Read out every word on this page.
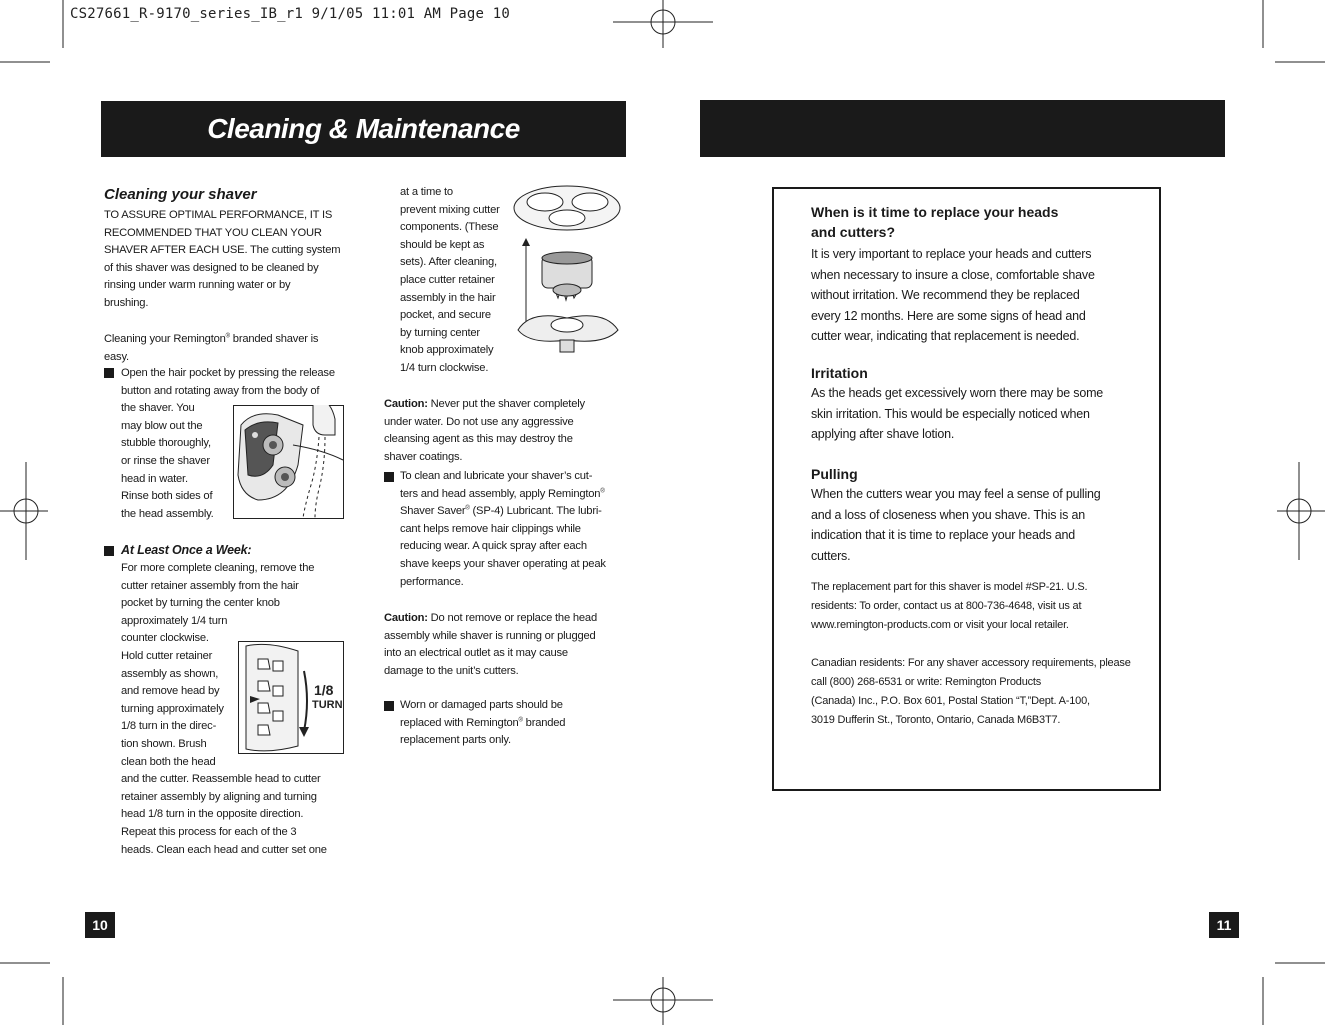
CS27661_R-9170_series_IB_r1 9/1/05 11:01 AM Page 10
Cleaning & Maintenance
Cleaning your shaver
TO ASSURE OPTIMAL PERFORMANCE, IT IS
RECOMMENDED THAT YOU CLEAN YOUR
SHAVER AFTER EACH USE. The cutting system
of this shaver was designed to be cleaned by
rinsing under warm running water or by
brushing.
Cleaning your Remington® branded shaver is
easy.
Open the hair pocket by pressing the release
button and rotating away from the body of
the shaver. You
may blow out the
stubble thoroughly,
or rinse the shaver
head in water.
Rinse both sides of
the head assembly.
At Least Once a Week:
For more complete cleaning, remove the
cutter retainer assembly from the hair
pocket by turning the center knob
approximately 1/4 turn
counter clockwise.
Hold cutter retainer
assembly as shown,
and remove head by
turning approximately
1/8 turn in the direc-
tion shown. Brush
clean both the head
and the cutter. Reassemble head to cutter
retainer assembly by aligning and turning
head 1/8 turn in the opposite direction.
Repeat this process for each of the 3
heads. Clean each head and cutter set one
1/8
TURN
at a time to
prevent mixing cutter
components. (These
should be kept as
sets). After cleaning,
place cutter retainer
assembly in the hair
pocket, and secure
by turning center
knob approximately
1/4 turn clockwise.
Caution: Never put the shaver completely
under water. Do not use any aggressive
cleansing agent as this may destroy the
shaver coatings.
To clean and lubricate your shaver’s cut-
ters and head assembly, apply Remington®
Shaver Saver® (SP-4) Lubricant. The lubri-
cant helps remove hair clippings while
reducing wear. A quick spray after each
shave keeps your shaver operating at peak
performance.
Caution: Do not remove or replace the head
assembly while shaver is running or plugged
into an electrical outlet as it may cause
damage to the unit’s cutters.
Worn or damaged parts should be
replaced with Remington® branded
replacement parts only.
10	11
When is it time to replace your heads
and cutters?
It is very important to replace your heads and cutters
when necessary to insure a close, comfortable shave
without irritation. We recommend they be replaced
every 12 months. Here are some signs of head and
cutter wear, indicating that replacement is needed.
Irritation
As the heads get excessively worn there may be some
skin irritation. This would be especially noticed when
applying after shave lotion.
Pulling
When the cutters wear you may feel a sense of pulling
and a loss of closeness when you shave. This is an
indication that it is time to replace your heads and
cutters.
The replacement part for this shaver is model #SP-21. U.S.
residents: To order, contact us at 800-736-4648, visit us at
www.remington-products.com or visit your local retailer.
Canadian residents: For any shaver accessory requirements, please
call (800) 268-6531 or write: Remington Products
(Canada) Inc., P.O. Box 601, Postal Station “T,”Dept. A-100,
3019 Dufferin St., Toronto, Ontario, Canada M6B3T7.
